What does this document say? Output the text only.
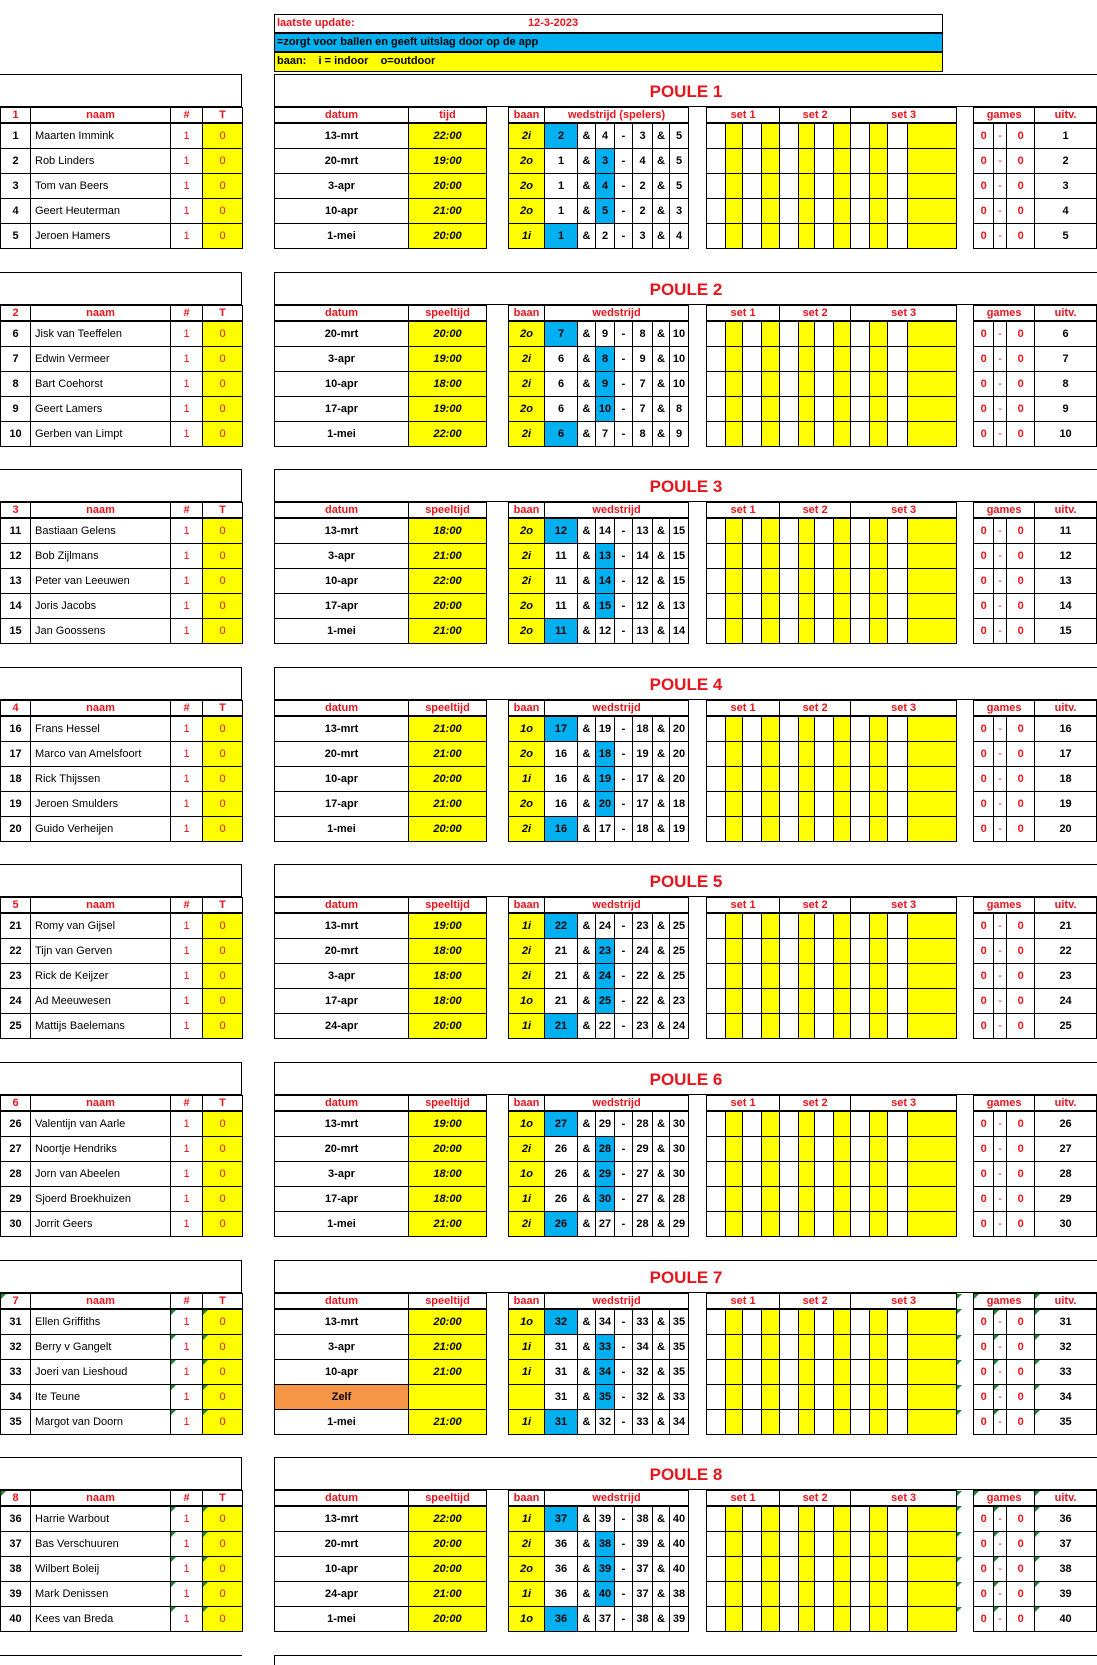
laatste update:	12-3-2023
=zorgt voor ballen en geeft uitslag door op de app
baan:    i = indoor    o=outdoor
POULE 1
1	naam	#	T
1	Maarten Immink	1	0
2	Rob Linders	1	0
3	Tom van Beers	1	0
4	Geert Heuterman	1	0
5	Jeroen Hamers	1	0
datum	tijd		baan	wedstrijd (spelers)								set 1				set 2				set 3					games			uitv.
13-mrt	22:00		2i	2	&	4	-	3	&	5															0	-	0	1
20-mrt	19:00		2o	1	&	3	-	4	&	5															0	-	0	2
3-apr	20:00		2o	1	&	4	-	2	&	5															0	-	0	3
10-apr	21:00		2o	1	&	5	-	2	&	3															0	-	0	4
1-mei	20:00		1i	1	&	2	-	3	&	4															0	-	0	5
POULE 2
2	naam	#	T
6	Jisk van Teeffelen	1	0
7	Edwin Vermeer	1	0
8	Bart Coehorst	1	0
9	Geert Lamers	1	0
10	Gerben van Limpt	1	0
datum	speeltijd		baan	wedstrijd								set 1				set 2				set 3					games			uitv.
20-mrt	20:00		2o	7	&	9	-	8	&	10															0	-	0	6
3-apr	19:00		2i	6	&	8	-	9	&	10															0	-	0	7
10-apr	18:00		2i	6	&	9	-	7	&	10															0	-	0	8
17-apr	19:00		2o	6	&	10	-	7	&	8															0	-	0	9
1-mei	22:00		2i	6	&	7	-	8	&	9															0	-	0	10
POULE 3
3	naam	#	T
11	Bastiaan Gelens	1	0
12	Bob Zijlmans	1	0
13	Peter van Leeuwen	1	0
14	Joris Jacobs	1	0
15	Jan Goossens	1	0
datum	speeltijd		baan	wedstrijd								set 1				set 2				set 3					games			uitv.
13-mrt	18:00		2o	12	&	14	-	13	&	15															0	-	0	11
3-apr	21:00		2i	11	&	13	-	14	&	15															0	-	0	12
10-apr	22:00		2i	11	&	14	-	12	&	15															0	-	0	13
17-apr	20:00		2o	11	&	15	-	12	&	13															0	-	0	14
1-mei	21:00		2o	11	&	12	-	13	&	14															0	-	0	15
POULE 4
4	naam	#	T
16	Frans Hessel	1	0
17	Marco van Amelsfoort	1	0
18	Rick Thijssen	1	0
19	Jeroen Smulders	1	0
20	Guido Verheijen	1	0
datum	speeltijd		baan	wedstrijd								set 1				set 2				set 3					games			uitv.
13-mrt	21:00		1o	17	&	19	-	18	&	20															0	-	0	16
20-mrt	21:00		2o	16	&	18	-	19	&	20															0	-	0	17
10-apr	20:00		1i	16	&	19	-	17	&	20															0	-	0	18
17-apr	21:00		2o	16	&	20	-	17	&	18															0	-	0	19
1-mei	20:00		2i	16	&	17	-	18	&	19															0	-	0	20
POULE 5
5	naam	#	T
21	Romy van Gijsel	1	0
22	Tijn van Gerven	1	0
23	Rick de Keijzer	1	0
24	Ad Meeuwesen	1	0
25	Mattijs Baelemans	1	0
datum	speeltijd		baan	wedstrijd								set 1				set 2				set 3					games			uitv.
13-mrt	19:00		1i	22	&	24	-	23	&	25															0	-	0	21
20-mrt	18:00		2i	21	&	23	-	24	&	25															0	-	0	22
3-apr	18:00		2i	21	&	24	-	22	&	25															0	-	0	23
17-apr	18:00		1o	21	&	25	-	22	&	23															0	-	0	24
24-apr	20:00		1i	21	&	22	-	23	&	24															0	-	0	25
POULE 6
6	naam	#	T
26	Valentijn van Aarle	1	0
27	Noortje Hendriks	1	0
28	Jorn van Abeelen	1	0
29	Sjoerd Broekhuizen	1	0
30	Jorrit Geers	1	0
datum	speeltijd		baan	wedstrijd								set 1				set 2				set 3					games			uitv.
13-mrt	19:00		1o	27	&	29	-	28	&	30															0	-	0	26
20-mrt	20:00		2i	26	&	28	-	29	&	30															0	-	0	27
3-apr	18:00		1o	26	&	29	-	27	&	30															0	-	0	28
17-apr	18:00		1i	26	&	30	-	27	&	28															0	-	0	29
1-mei	21:00		2i	26	&	27	-	28	&	29															0	-	0	30
POULE 7
7	naam	#	T
31	Ellen Griffiths	1	0
32	Berry v Gangelt	1	0
33	Joeri van Lieshoud	1	0
34	Ite Teune	1	0
35	Margot van Doorn	1	0
datum	speeltijd		baan	wedstrijd								set 1				set 2				set 3					games			uitv.
13-mrt	20:00		1o	32	&	34	-	33	&	35															0	-	0	31
3-apr	21:00		1i	31	&	33	-	34	&	35															0	-	0	32
10-apr	21:00		1i	31	&	34	-	32	&	35															0	-	0	33
Zelf				31	&	35	-	32	&	33															0	-	0	34
1-mei	21:00		1i	31	&	32	-	33	&	34															0	-	0	35
POULE 8
8	naam	#	T
36	Harrie Warbout	1	0
37	Bas Verschuuren	1	0
38	Wilbert Boleij	1	0
39	Mark Denissen	1	0
40	Kees van Breda	1	0
datum	speeltijd		baan	wedstrijd								set 1				set 2				set 3					games			uitv.
13-mrt	22:00		1i	37	&	39	-	38	&	40															0	-	0	36
20-mrt	20:00		2i	36	&	38	-	39	&	40															0	-	0	37
10-apr	20:00		2o	36	&	39	-	37	&	40															0	-	0	38
24-apr	21:00		1i	36	&	40	-	37	&	38															0	-	0	39
1-mei	20:00		1o	36	&	37	-	38	&	39															0	-	0	40
